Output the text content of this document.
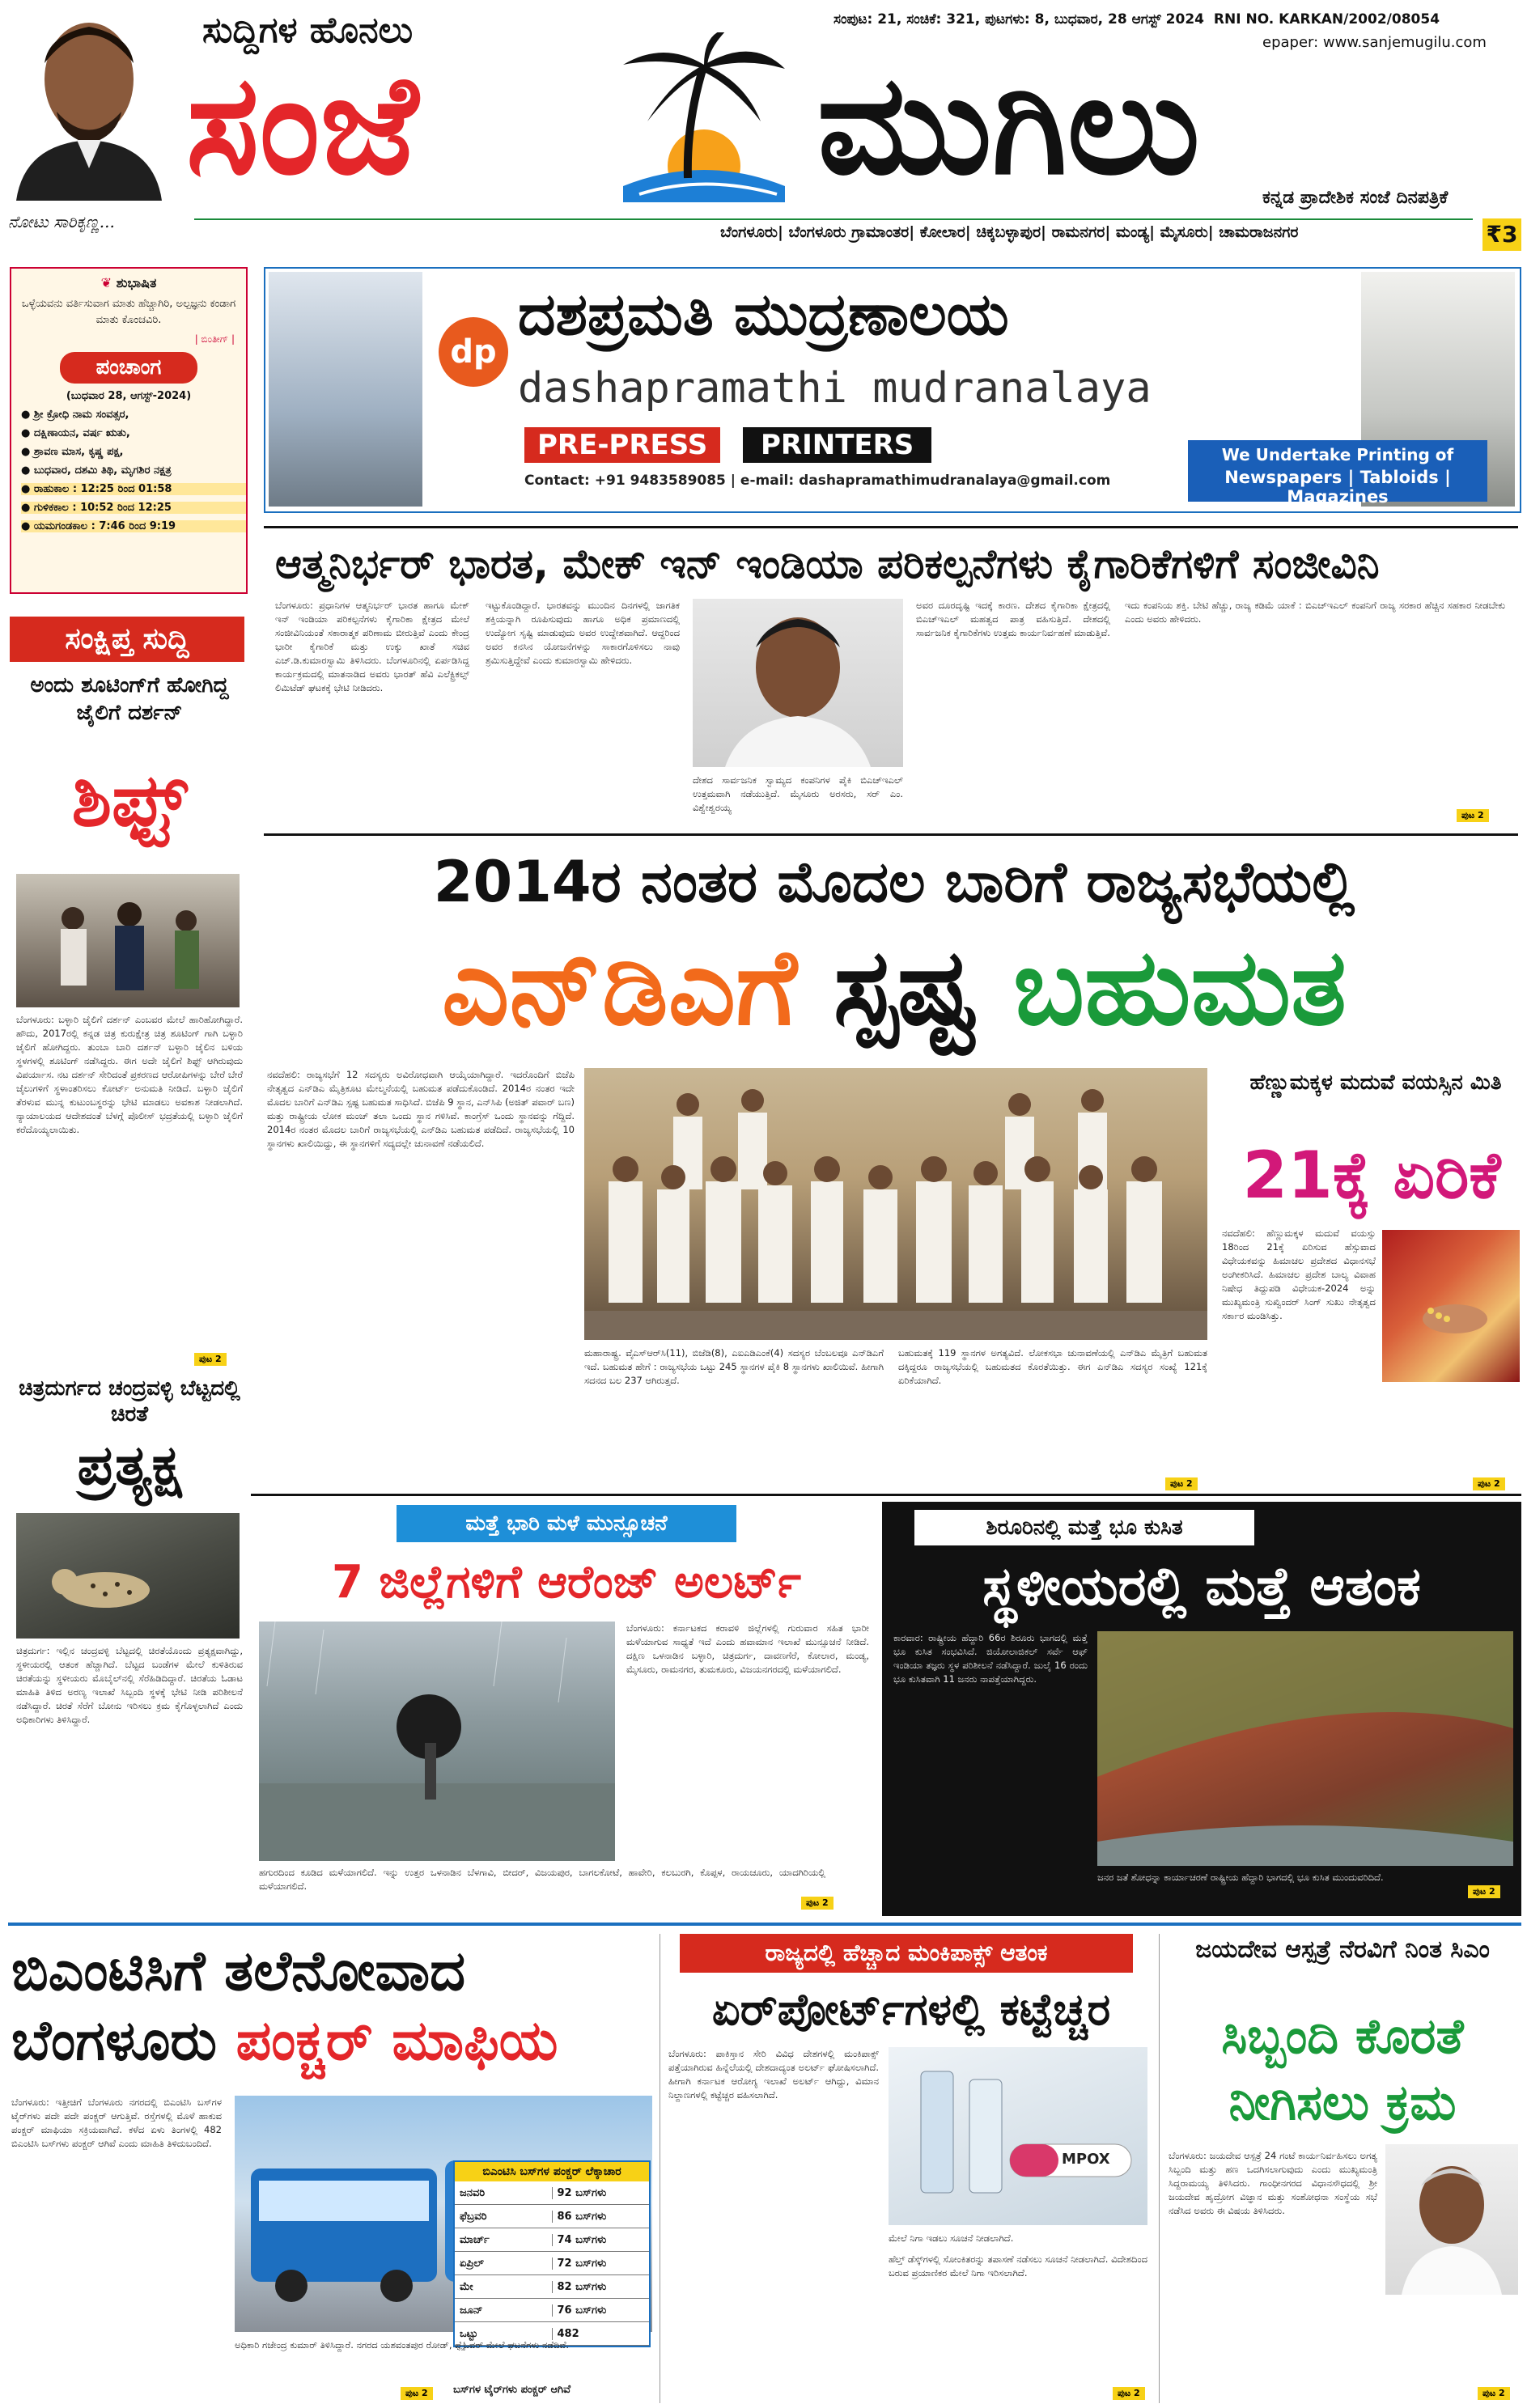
ನೋಟು ಸಾರಿಕೃಣ್ಣ...
ಸುದ್ದಿಗಳ ಹೊನಲು
ಸಂಜೆ	ಮುಗಿಲು
ಸಂಪುಟ: 21, ಸಂಚಿಕೆ: 321, ಪುಟಗಳು: 8, ಬುಧವಾರ, 28 ಆಗಸ್ಟ್ 2024 RNI NO. KARKAN/2002/08054
epaper: www.sanjemugilu.com
ಕನ್ನಡ ಪ್ರಾದೇಶಿಕ ಸಂಜೆ ದಿನಪತ್ರಿಕೆ
ಬೆಂಗಳೂರು| ಬೆಂಗಳೂರು ಗ್ರಾಮಾಂತರ| ಕೋಲಾರ| ಚಿಕ್ಕಬಳ್ಳಾಪುರ| ರಾಮನಗರ| ಮಂಡ್ಯ| ಮೈಸೂರು| ಚಾಮರಾಜನಗರ	₹3
❦ ಶುಭಾಷಿತ
ಒಳ್ಳೆಯವನು ವರ್ತಿಸುವಾಗ ಮಾತು ಹೆಚ್ಚಾಗಿರಿ, ಅಲ್ಪಜ್ಞನು ಕಂಡಾಗ ಮಾತು ಕೊಂಚವಿರಿ.
| ಬಿಂತೀಗ್ |
ಪಂಚಾಂಗ
(ಬುಧವಾರ 28, ಆಗಸ್ಟ್-2024)
● ಶ್ರೀ ಕ್ರೋಧಿ ನಾಮ ಸಂವತ್ಸರ,
● ದಕ್ಷಿಣಾಯನ, ವರ್ಷ ಋತು,
● ಶ್ರಾವಣ ಮಾಸ, ಕೃಷ್ಣ ಪಕ್ಷ,
● ಬುಧವಾರ, ದಶಮಿ ತಿಥಿ, ಮೃಗಶಿರ ನಕ್ಷತ್ರ
● ರಾಹುಕಾಲ : 12:25 ರಿಂದ 01:58
● ಗುಳಿಕಕಾಲ : 10:52 ರಿಂದ 12:25
● ಯಮಗಂಡಕಾಲ : 7:46 ರಿಂದ 9:19
ಸಂಕ್ಷಿಪ್ತ ಸುದ್ದಿ
ಅಂದು ಶೂಟಿಂಗ್‌ಗೆ ಹೋಗಿದ್ದ ಜೈಲಿಗೆ ದರ್ಶನ್
ಶಿಫ್ಟ್
ಬೆಂಗಳೂರು: ಬಳ್ಳಾರಿ ಜೈಲಿಗೆ ದರ್ಶನ್‌ ಎಂಬವರ ಮೇಲೆ ಹಾರಿಹೋಗಿದ್ದಾರೆ. ಹೌದು, 2017ರಲ್ಲಿ ಕನ್ನಡ ಚಿತ್ರ ಕುರುಕ್ಷೇತ್ರ ಚಿತ್ರ ಶೂಟಿಂಗ್ ಗಾಗಿ ಬಳ್ಳಾರಿ ಜೈಲಿಗೆ ಹೋಗಿದ್ದರು. ತುಂಬಾ ಬಾರಿ ದರ್ಶನ್ ಬಳ್ಳಾರಿ ಜೈಲಿನ ಬಳಿಯ ಸ್ಥಳಗಳಲ್ಲಿ ಶೂಟಿಂಗ್ ನಡೆಸಿದ್ದರು. ಈಗ ಅದೇ ಜೈಲಿಗೆ ಶಿಫ್ಟ್ ಆಗಿರುವುದು ವಿಪರ್ಯಾಸ. ನಟ ದರ್ಶನ್‌ ಸೇರಿದಂತೆ ಪ್ರಕರಣದ ಆರೋಪಿಗಳನ್ನು ಬೇರೆ ಬೇರೆ ಜೈಲುಗಳಿಗೆ ಸ್ಥಳಾಂತರಿಸಲು ಕೋರ್ಟ್‌ ಅನುಮತಿ ನೀಡಿದೆ. ಬಳ್ಳಾರಿ ಜೈಲಿಗೆ ತೆರಳುವ ಮುನ್ನ ಕುಟುಂಬಸ್ಥರನ್ನು ಭೇಟಿ ಮಾಡಲು ಅವಕಾಶ ನೀಡಲಾಗಿದೆ. ನ್ಯಾಯಾಲಯದ ಆದೇಶದಂತೆ ಬೆಳಗ್ಗೆ ಪೊಲೀಸ್‌ ಭದ್ರತೆಯಲ್ಲಿ ಬಳ್ಳಾರಿ ಜೈಲಿಗೆ ಕರೆದೊಯ್ಯಲಾಯಿತು.
ಪುಟ 2
ಚಿತ್ರದುರ್ಗದ ಚಂದ್ರವಳ್ಳಿ ಬೆಟ್ಟದಲ್ಲಿ ಚಿರತೆ
ಪ್ರತ್ಯಕ್ಷ
ಚಿತ್ರದುರ್ಗ: ಇಲ್ಲಿನ ಚಂದ್ರವಳ್ಳಿ ಬೆಟ್ಟದಲ್ಲಿ ಚಿರತೆಯೊಂದು ಪ್ರತ್ಯಕ್ಷವಾಗಿದ್ದು, ಸ್ಥಳೀಯರಲ್ಲಿ ಆತಂಕ ಹೆಚ್ಚಾಗಿದೆ. ಬೆಟ್ಟದ ಬಂಡೆಗಳ ಮೇಲೆ ಕುಳಿತಿರುವ ಚಿರತೆಯನ್ನು ಸ್ಥಳೀಯರು ಮೊಬೈಲ್‌ನಲ್ಲಿ ಸೆರೆಹಿಡಿದಿದ್ದಾರೆ. ಚಿರತೆಯ ಓಡಾಟ ಮಾಹಿತಿ ತಿಳಿದ ಅರಣ್ಯ ಇಲಾಖೆ ಸಿಬ್ಬಂದಿ ಸ್ಥಳಕ್ಕೆ ಭೇಟಿ ನೀಡಿ ಪರಿಶೀಲನೆ ನಡೆಸಿದ್ದಾರೆ. ಚಿರತೆ ಸೆರೆಗೆ ಬೋನು ಇರಿಸಲು ಕ್ರಮ ಕೈಗೊಳ್ಳಲಾಗಿದೆ ಎಂದು ಅಧಿಕಾರಿಗಳು ತಿಳಿಸಿದ್ದಾರೆ.
dp
ದಶಪ್ರಮತಿ ಮುದ್ರಣಾಲಯ
dashapramathi mudranalaya
PRE-PRESS	PRINTERS
Contact: +91 9483589085 | e-mail: dashapramathimudranalaya@gmail.com
We Undertake Printing of
Newspapers | Tabloids | Magazines
ಆತ್ಮನಿರ್ಭರ್‌ ಭಾರತ, ಮೇಕ್‌ ಇನ್‌ ಇಂಡಿಯಾ ಪರಿಕಲ್ಪನೆಗಳು ಕೈಗಾರಿಕೆಗಳಿಗೆ ಸಂಜೀವಿನಿ
ಬೆಂಗಳೂರು: ಪ್ರಧಾನಿಗಳ ಆತ್ಮನಿರ್ಭರ್‌ ಭಾರತ ಹಾಗೂ ಮೇಕ್‌ ಇನ್‌ ಇಂಡಿಯಾ ಪರಿಕಲ್ಪನೆಗಳು ಕೈಗಾರಿಕಾ ಕ್ಷೇತ್ರದ ಮೇಲೆ ಸಂಜೀವಿನಿಯಂತೆ ಸಕಾರಾತ್ಮಕ ಪರಿಣಾಮ ಬೀರುತ್ತಿವೆ ಎಂದು ಕೇಂದ್ರ ಭಾರೀ ಕೈಗಾರಿಕೆ ಮತ್ತು ಉಕ್ಕು ಖಾತೆ ಸಚಿವ ಎಚ್‌.ಡಿ.ಕುಮಾರಸ್ವಾಮಿ ತಿಳಿಸಿದರು. ಬೆಂಗಳೂರಿನಲ್ಲಿ ಏರ್ಪಡಿಸಿದ್ದ ಕಾರ್ಯಕ್ರಮದಲ್ಲಿ ಮಾತನಾಡಿದ ಅವರು ಭಾರತ್‌ ಹೆವಿ ಎಲೆಕ್ಟ್ರಿಕಲ್ಸ್‌ ಲಿಮಿಟೆಡ್‌ ಘಟಕಕ್ಕೆ ಭೇಟಿ ನೀಡಿದರು.
ಇಟ್ಟುಕೊಂಡಿದ್ದಾರೆ. ಭಾರತವನ್ನು ಮುಂದಿನ ದಿನಗಳಲ್ಲಿ ಜಾಗತಿಕ ಶಕ್ತಿಯನ್ನಾಗಿ ರೂಪಿಸುವುದು ಹಾಗೂ ಅಧಿಕ ಪ್ರಮಾಣದಲ್ಲಿ ಉದ್ಯೋಗ ಸೃಷ್ಟಿ ಮಾಡುವುದು ಅವರ ಉದ್ದೇಶವಾಗಿದೆ. ಆದ್ದರಿಂದ ಅವರ ಕನಸಿನ ಯೋಜನೆಗಳನ್ನು ಸಾಕಾರಗೊಳಿಸಲು ನಾವು ಶ್ರಮಿಸುತ್ತಿದ್ದೇವೆ ಎಂದು ಕುಮಾರಸ್ವಾಮಿ ಹೇಳಿದರು.
ದೇಶದ ಸಾರ್ವಜನಿಕ ಸ್ವಾಮ್ಯದ ಕಂಪನಿಗಳ ಪೈಕಿ ಬಿಎಚ್‌ಇಎಲ್‌ ಉತ್ತಮವಾಗಿ ನಡೆಯುತ್ತಿದೆ. ಮೈಸೂರು ಅರಸರು, ಸರ್‌ ಎಂ. ವಿಶ್ವೇಶ್ವರಯ್ಯ
ಅವರ ದೂರದೃಷ್ಟಿ ಇದಕ್ಕೆ ಕಾರಣ. ದೇಶದ ಕೈಗಾರಿಕಾ ಕ್ಷೇತ್ರದಲ್ಲಿ ಬಿಎಚ್‌ಇಎಲ್‌ ಮಹತ್ವದ ಪಾತ್ರ ವಹಿಸುತ್ತಿದೆ. ದೇಶದಲ್ಲಿ ಸಾರ್ವಜನಿಕ ಕೈಗಾರಿಕೆಗಳು ಉತ್ತಮ ಕಾರ್ಯನಿರ್ವಹಣೆ ಮಾಡುತ್ತಿವೆ.
ಇದು ಕಂಪನಿಯ ಶಕ್ತಿ. ಬೇಟಿ ಹೆಚ್ಚು, ರಾಜ್ಯ ಕಡಿಮೆ ಯಾಕೆ : ಬಿಎಚ್‌ಇಎಲ್‌ ಕಂಪನಿಗೆ ರಾಜ್ಯ ಸರಕಾರ ಹೆಚ್ಚಿನ ಸಹಕಾರ ನೀಡಬೇಕು ಎಂದು ಅವರು ಹೇಳಿದರು.
ಪುಟ 2
2014ರ ನಂತರ ಮೊದಲ ಬಾರಿಗೆ ರಾಜ್ಯಸಭೆಯಲ್ಲಿ
ಎನ್‌ಡಿಎಗೆ ಸ್ಪಷ್ಟ ಬಹುಮತ
ನವದೆಹಲಿ: ರಾಜ್ಯಸಭೆಗೆ 12 ಸದಸ್ಯರು ಅವಿರೋಧವಾಗಿ ಆಯ್ಕೆಯಾಗಿದ್ದಾರೆ. ಇದರೊಂದಿಗೆ ಬಿಜೆಪಿ ನೇತೃತ್ವದ ಎನ್‌ಡಿಎ ಮೈತ್ರಿಕೂಟ ಮೇಲ್ಮನೆಯಲ್ಲಿ ಬಹುಮತ ಪಡೆದುಕೊಂಡಿದೆ. 2014ರ ನಂತರ ಇದೇ ಮೊದಲ ಬಾರಿಗೆ ಎನ್‌ಡಿಎ ಸ್ಪಷ್ಟ ಬಹುಮತ ಸಾಧಿಸಿದೆ. ಬಿಜೆಪಿ 9 ಸ್ಥಾನ, ಎನ್‌ಸಿಪಿ (ಅಜಿತ್‌ ಪವಾರ್‌ ಬಣ) ಮತ್ತು ರಾಷ್ಟ್ರೀಯ ಲೋಕ ಮಂಚ್‌ ತಲಾ ಒಂದು ಸ್ಥಾನ ಗಳಿಸಿವೆ. ಕಾಂಗ್ರೆಸ್‌ ಒಂದು ಸ್ಥಾನವನ್ನು ಗೆದ್ದಿದೆ. 2014ರ ನಂತರ ಮೊದಲ ಬಾರಿಗೆ ರಾಜ್ಯಸಭೆಯಲ್ಲಿ ಎನ್‌ಡಿಎ ಬಹುಮತ ಪಡೆದಿದೆ. ರಾಜ್ಯಸಭೆಯಲ್ಲಿ 10 ಸ್ಥಾನಗಳು ಖಾಲಿಯಿದ್ದು, ಈ ಸ್ಥಾನಗಳಿಗೆ ಸದ್ಯದಲ್ಲೇ ಚುನಾವಣೆ ನಡೆಯಲಿದೆ.
ಮಹಾರಾಷ್ಟ್ರ. ವೈಎಸ್‌ಆರ್‌ಸಿ(11), ಬಿಜೆಡಿ(8), ಎಐಎಡಿಎಂಕೆ(4) ಸದಸ್ಯರ ಬೆಂಬಲವೂ ಎನ್‌ಡಿಎಗೆ ಇದೆ. ಬಹುಮತ ಹೇಗೆ : ರಾಜ್ಯಸಭೆಯ ಒಟ್ಟು 245 ಸ್ಥಾನಗಳ ಪೈಕಿ 8 ಸ್ಥಾನಗಳು ಖಾಲಿಯಿವೆ. ಹೀಗಾಗಿ ಸದನದ ಬಲ 237 ಆಗಿರುತ್ತದೆ.
ಬಹುಮತಕ್ಕೆ 119 ಸ್ಥಾನಗಳ ಅಗತ್ಯವಿದೆ. ಲೋಕಸಭಾ ಚುನಾವಣೆಯಲ್ಲಿ ಎನ್‌ಡಿಎ ಮೈತ್ರಿಗೆ ಬಹುಮತ ದಕ್ಕಿದ್ದರೂ ರಾಜ್ಯಸಭೆಯಲ್ಲಿ ಬಹುಮತದ ಕೊರತೆಯಿತ್ತು. ಈಗ ಎನ್‌ಡಿಎ ಸದಸ್ಯರ ಸಂಖ್ಯೆ 121ಕ್ಕೆ ಏರಿಕೆಯಾಗಿದೆ.
ಪುಟ 2
ಹೆಣ್ಣುಮಕ್ಕಳ ಮದುವೆ ವಯಸ್ಸಿನ ಮಿತಿ
21ಕ್ಕೆ ಏರಿಕೆ
ನವದೆಹಲಿ: ಹೆಣ್ಣುಮಕ್ಕಳ ಮದುವೆ ವಯಸ್ಸು 18ರಿಂದ 21ಕ್ಕೆ ಏರಿಸುವ ಹೆಸ್ಸುವಾದ ವಿಧೇಯಕವನ್ನು ಹಿಮಾಚಲ ಪ್ರದೇಶದ ವಿಧಾನಸಭೆ ಅಂಗೀಕರಿಸಿದೆ. ಹಿಮಾಚಲ ಪ್ರದೇಶ ಬಾಲ್ಯ ವಿವಾಹ ನಿಷೇಧ ತಿದ್ದುಪಡಿ ವಿಧೇಯಕ-2024 ಅನ್ನು ಮುಖ್ಯಮಂತ್ರಿ ಸುಖ್ವಿಂದರ್‌ ಸಿಂಗ್‌ ಸುಖು ನೇತೃತ್ವದ ಸರ್ಕಾರ ಮಂಡಿಸಿತ್ತು.
ಪುಟ 2
ಮತ್ತೆ ಭಾರಿ ಮಳೆ ಮುನ್ಸೂಚನೆ
7 ಜಿಲ್ಲೆಗಳಿಗೆ ಆರೆಂಜ್‌ ಅಲರ್ಟ್‌
ಬೆಂಗಳೂರು: ಕರ್ನಾಟಕದ ಕರಾವಳಿ ಜಿಲ್ಲೆಗಳಲ್ಲಿ ಗುರುವಾರ ಸಹಿತ ಭಾರೀ ಮಳೆಯಾಗುವ ಸಾಧ್ಯತೆ ಇದೆ ಎಂದು ಹವಾಮಾನ ಇಲಾಖೆ ಮುನ್ಸೂಚನೆ ನೀಡಿದೆ. ದಕ್ಷಿಣ ಒಳನಾಡಿನ ಬಳ್ಳಾರಿ, ಚಿತ್ರದುರ್ಗ, ದಾವಣಗೆರೆ, ಕೋಲಾರ, ಮಂಡ್ಯ, ಮೈಸೂರು, ರಾಮನಗರ, ತುಮಕೂರು, ವಿಜಯನಗರದಲ್ಲಿ ಮಳೆಯಾಗಲಿದೆ.
ಹಗುರದಿಂದ ಕೂಡಿದ ಮಳೆಯಾಗಲಿದೆ. ಇನ್ನು ಉತ್ತರ ಒಳನಾಡಿನ ಬೆಳಗಾವಿ, ಬೀದರ್‌, ವಿಜಯಪುರ, ಬಾಗಲಕೋಟೆ, ಹಾವೇರಿ, ಕಲಬುರಗಿ, ಕೊಪ್ಪಳ, ರಾಯಚೂರು, ಯಾದಗಿರಿಯಲ್ಲಿ ಮಳೆಯಾಗಲಿದೆ.
ಪುಟ 2
ಶಿರೂರಿನಲ್ಲಿ ಮತ್ತೆ ಭೂ ಕುಸಿತ
ಸ್ಥಳೀಯರಲ್ಲಿ ಮತ್ತೆ ಆತಂಕ
ಕಾರವಾರ: ರಾಷ್ಟ್ರೀಯ ಹೆದ್ದಾರಿ 66ರ ಶಿರೂರು ಭಾಗದಲ್ಲಿ ಮತ್ತೆ ಭೂ ಕುಸಿತ ಸಂಭವಿಸಿದೆ. ಜಿಯೋಲಾಜಿಕಲ್‌ ಸರ್ವೆ ಆಫ್‌ ಇಂಡಿಯಾ ತಜ್ಞರು ಸ್ಥಳ ಪರಿಶೀಲನೆ ನಡೆಸಿದ್ದಾರೆ. ಜುಲೈ 16 ರಂದು ಭೂ ಕುಸಿತವಾಗಿ 11 ಜನರು ನಾಪತ್ತೆಯಾಗಿದ್ದರು.
ಜನರ ಜತೆ ಶೋಧನ್ನಾ ಕಾರ್ಯಾಚರಣೆ ರಾಷ್ಟ್ರೀಯ ಹೆದ್ದಾರಿ ಭಾಗದಲ್ಲಿ ಭೂ ಕುಸಿತ ಮುಂದುವರಿದಿದೆ.
ಪುಟ 2
ಬಿಎಂಟಿಸಿಗೆ ತಲೆನೋವಾದ
ಬೆಂಗಳೂರು ಪಂಕ್ಚರ್‌ ಮಾಫಿಯ
ಬೆಂಗಳೂರು: ಇತ್ತೀಚಿಗೆ ಬೆಂಗಳೂರು ನಗರದಲ್ಲಿ ಬಿಎಂಟಿಸಿ ಬಸ್‌ಗಳ ಟೈರ್‌ಗಳು ಪದೇ ಪದೇ ಪಂಕ್ಚರ್‌ ಆಗುತ್ತಿವೆ. ರಸ್ತೆಗಳಲ್ಲಿ ಮೊಳೆ ಹಾಕುವ ಪಂಕ್ಚರ್‌ ಮಾಫಿಯಾ ಸಕ್ರಿಯವಾಗಿದೆ. ಕಳೆದ ಏಳು ತಿಂಗಳಲ್ಲಿ 482 ಬಿಎಂಟಿಸಿ ಬಸ್‌ಗಳು ಪಂಕ್ಚರ್‌ ಆಗಿವೆ ಎಂದು ಮಾಹಿತಿ ತಿಳಿದುಬಂದಿದೆ.
ಬಿಎಂಟಿಸಿ ಬಸ್‌ಗಳ ಪಂಕ್ಚರ್‌ ಲೆಕ್ಕಾಚಾರ
ಜನವರಿ	92 ಬಸ್‌ಗಳು
ಫೆಬ್ರವರಿ	86 ಬಸ್‌ಗಳು
ಮಾರ್ಚ್‌	74 ಬಸ್‌ಗಳು
ಏಪ್ರಿಲ್‌	72 ಬಸ್‌ಗಳು
ಮೇ	82 ಬಸ್‌ಗಳು
ಜೂನ್‌	76 ಬಸ್‌ಗಳು
ಒಟ್ಟು	482
ಅಧಿಕಾರಿ ಗಜೇಂದ್ರ ಕುಮಾರ್‌ ತಿಳಿಸಿದ್ದಾರೆ. ನಗರದ ಯಶವಂತಪುರ ರೋಡ್‌, ಫ್ಲೈಓವರ್‌ ಮೇಲೆ ಘಟನೆಗಳು ನಡೆದಿವೆ.
ಬಸ್‌ಗಳ ಟೈರ್‌ಗಳು ಪಂಕ್ಚರ್‌ ಆಗಿವೆ
ಪುಟ 2
ರಾಜ್ಯದಲ್ಲಿ ಹೆಚ್ಚಾದ ಮಂಕಿಪಾಕ್ಸ್‌ ಆತಂಕ
ಏರ್‌ಪೋರ್ಟ್‌ಗಳಲ್ಲಿ ಕಟ್ಟೆಚ್ಚರ
ಬೆಂಗಳೂರು: ಪಾಕಿಸ್ತಾನ ಸೇರಿ ವಿವಿಧ ದೇಶಗಳಲ್ಲಿ ಮಂಕಿಪಾಕ್ಸ್‌ ಪತ್ತೆಯಾಗಿರುವ ಹಿನ್ನೆಲೆಯಲ್ಲಿ ದೇಶದಾದ್ಯಂತ ಅಲರ್ಟ್‌ ಘೋಷಿಸಲಾಗಿದೆ. ಹೀಗಾಗಿ ಕರ್ನಾಟಕ ಆರೋಗ್ಯ ಇಲಾಖೆ ಅಲರ್ಟ್‌ ಆಗಿದ್ದು, ವಿಮಾನ ನಿಲ್ದಾಣಗಳಲ್ಲಿ ಕಟ್ಟೆಚ್ಚರ ವಹಿಸಲಾಗಿದೆ.
MPOX
ಮೇಲೆ ನಿಗಾ ಇಡಲು ಸೂಚನೆ ನೀಡಲಾಗಿದೆ.
ಹೆಲ್ತ್‌ ಡೆಸ್ಕ್‌ಗಳಲ್ಲಿ ಸೋಂಕಿತರನ್ನು ತಪಾಸಣೆ ನಡೆಸಲು ಸೂಚನೆ ನೀಡಲಾಗಿದೆ. ವಿದೇಶದಿಂದ ಬರುವ ಪ್ರಯಾಣಿಕರ ಮೇಲೆ ನಿಗಾ ಇರಿಸಲಾಗಿದೆ.
ಪುಟ 2
ಜಯದೇವ ಆಸ್ಪತ್ರೆ ನೆರವಿಗೆ ನಿಂತ ಸಿಎಂ
ಸಿಬ್ಬಂದಿ ಕೊರತೆ ನೀಗಿಸಲು ಕ್ರಮ
ಬೆಂಗಳೂರು: ಜಯದೇವ ಆಸ್ಪತ್ರೆ 24 ಗಂಟೆ ಕಾರ್ಯನಿರ್ವಹಿಸಲು ಅಗತ್ಯ ಸಿಬ್ಬಂದಿ ಮತ್ತು ಹಣ ಒದಗಿಸಲಾಗುವುದು ಎಂದು ಮುಖ್ಯಮಂತ್ರಿ ಸಿದ್ದರಾಮಯ್ಯ ತಿಳಿಸಿದರು. ಗಾಂಧೀನಗರದ ವಿಧಾನಸೌಧದಲ್ಲಿ ಶ್ರೀ ಜಯದೇವ ಹೃದ್ರೋಗ ವಿಜ್ಞಾನ ಮತ್ತು ಸಂಶೋಧನಾ ಸಂಸ್ಥೆಯ ಸಭೆ ನಡೆಸಿದ ಅವರು ಈ ವಿಷಯ ತಿಳಿಸಿದರು.
ಪುಟ 2
